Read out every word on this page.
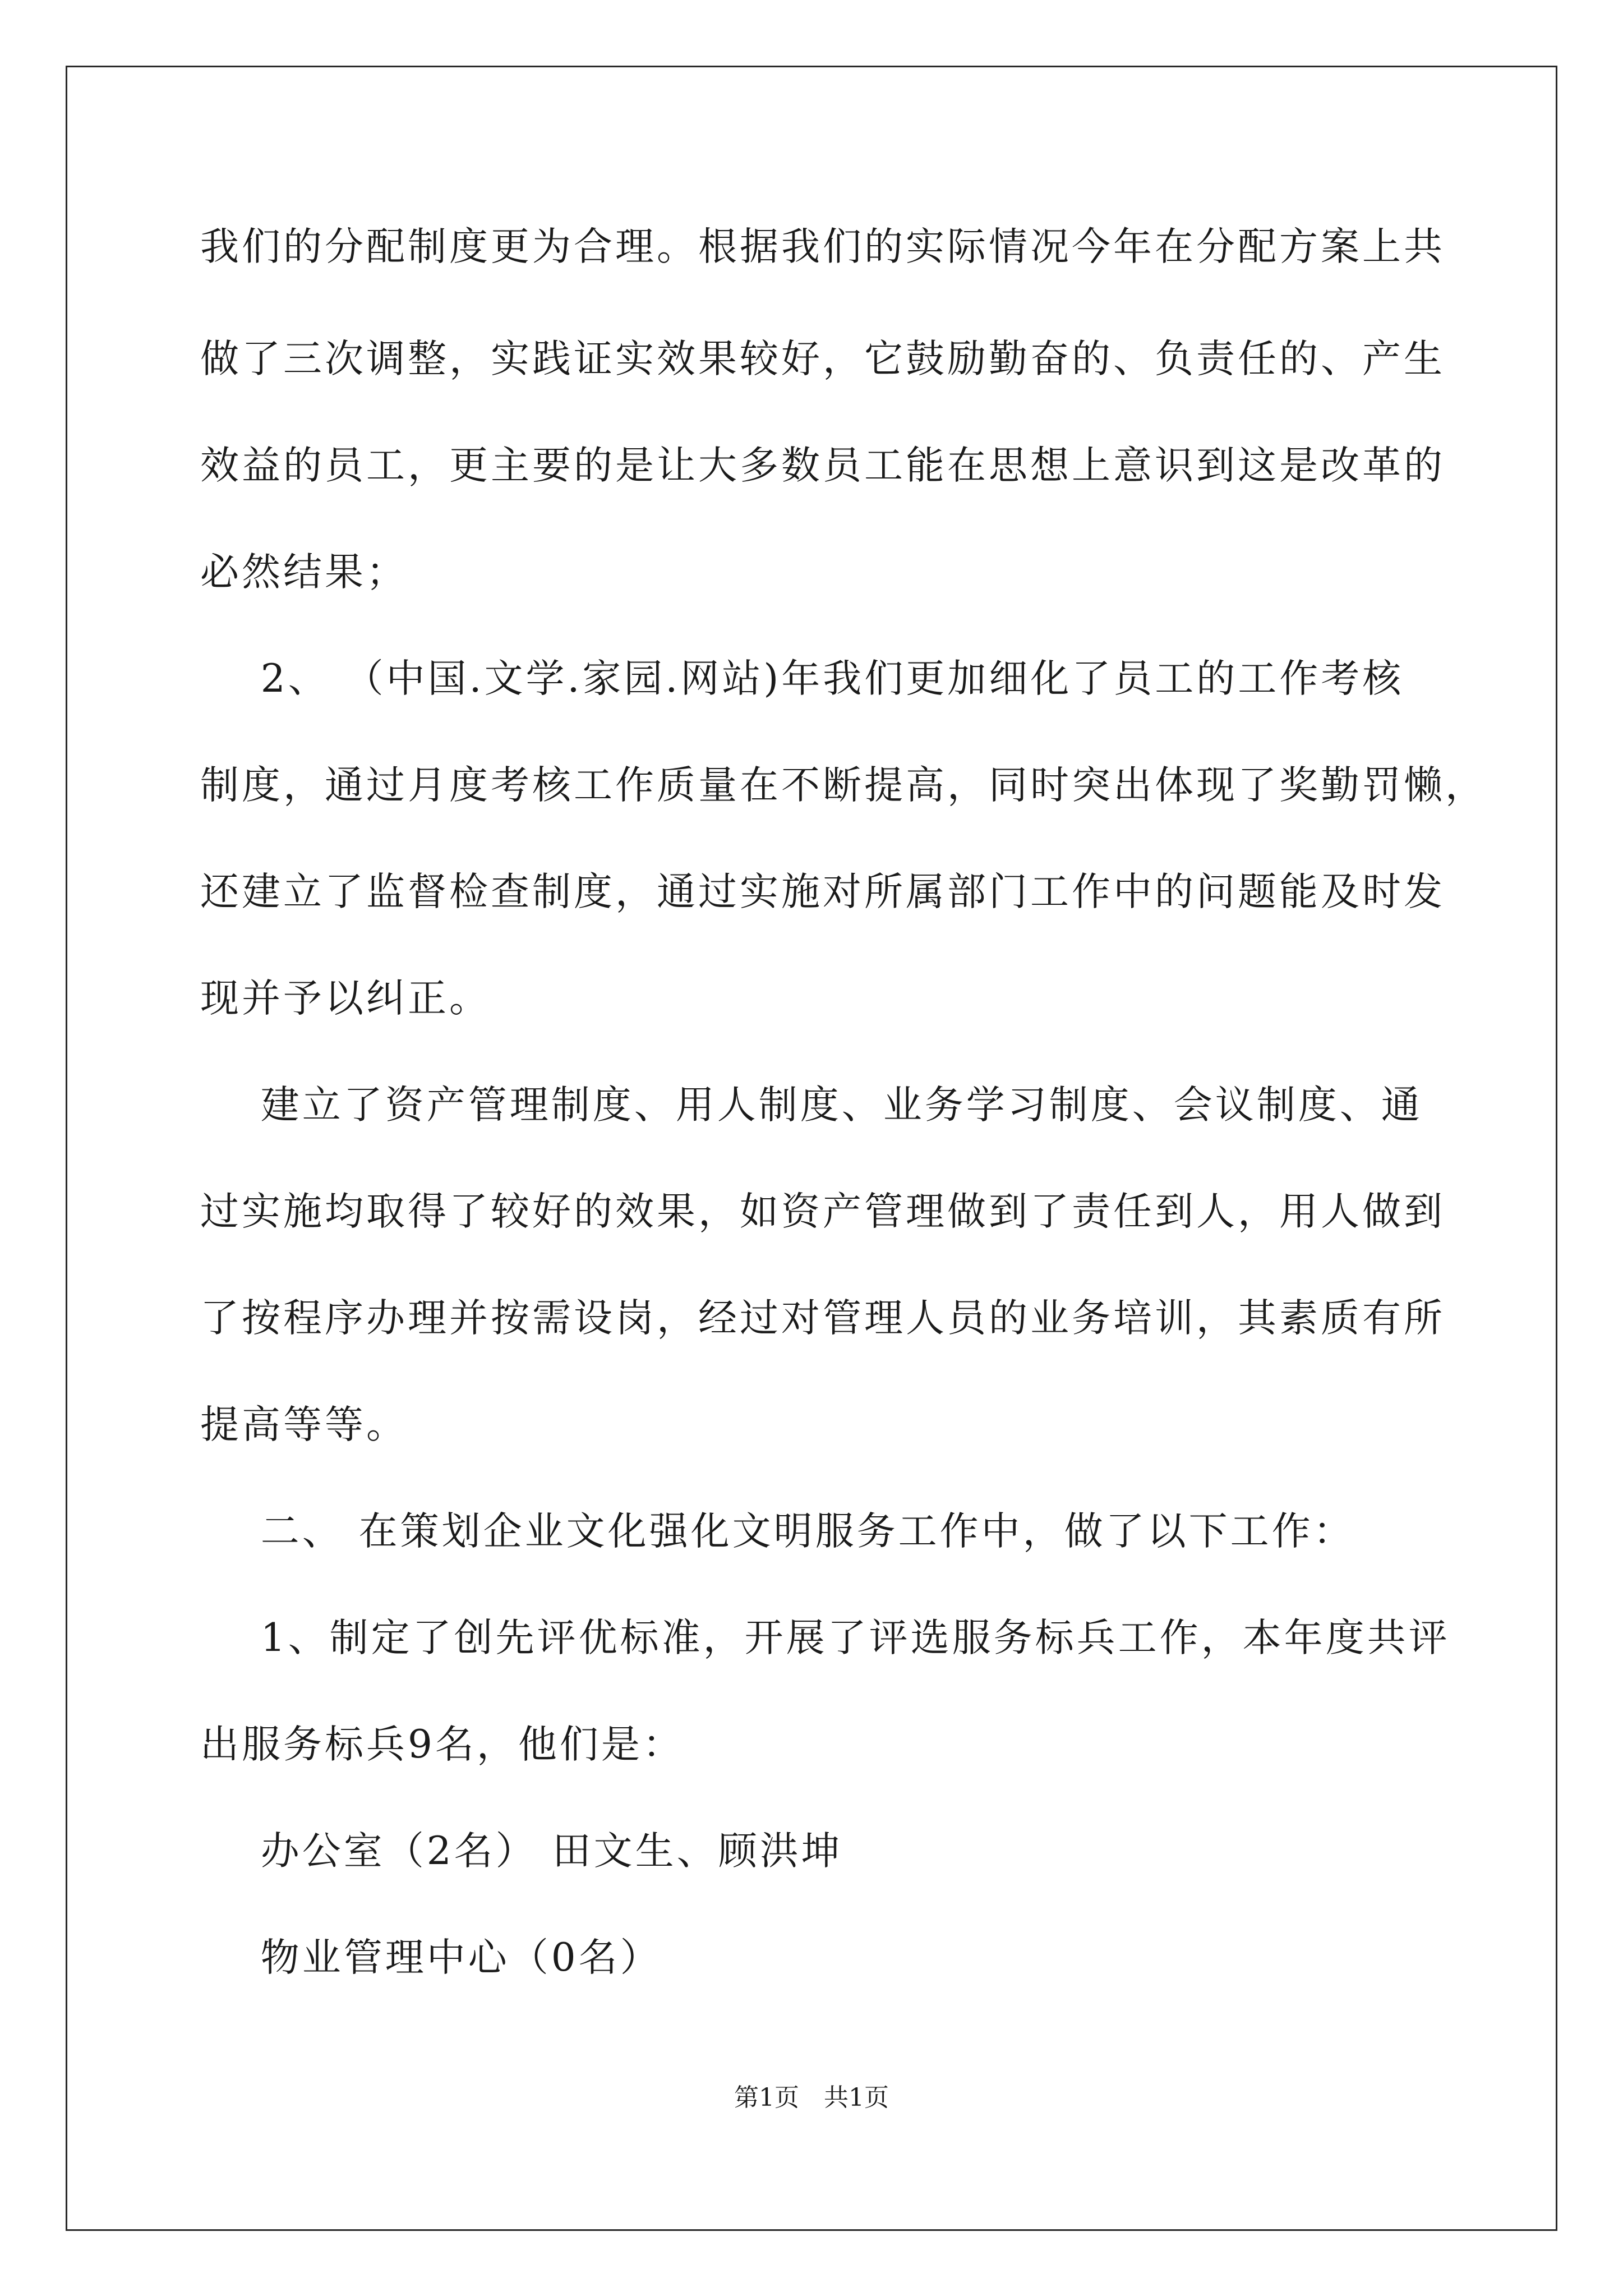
我们的分配制度更为合理。根据我们的实际情况今年在分配方案上共
做了三次调整，实践证实效果较好，它鼓励勤奋的、负责任的、产生
效益的员工，更主要的是让大多数员工能在思想上意识到这是改革的
必然结果；
2、 （中国.文学.家园.网站)年我们更加细化了员工的工作考核
制度，通过月度考核工作质量在不断提高，同时突出体现了奖勤罚懒，
还建立了监督检查制度，通过实施对所属部门工作中的问题能及时发
现并予以纠正。
建立了资产管理制度、用人制度、业务学习制度、会议制度、通
过实施均取得了较好的效果，如资产管理做到了责任到人，用人做到
了按程序办理并按需设岗，经过对管理人员的业务培训，其素质有所
提高等等。
二、 在策划企业文化强化文明服务工作中，做了以下工作：
1、制定了创先评优标准，开展了评选服务标兵工作，本年度共评
出服务标兵9名，他们是：
办公室（2名） 田文生、顾洪坤
物业管理中心（0名）
第1页　共1页
